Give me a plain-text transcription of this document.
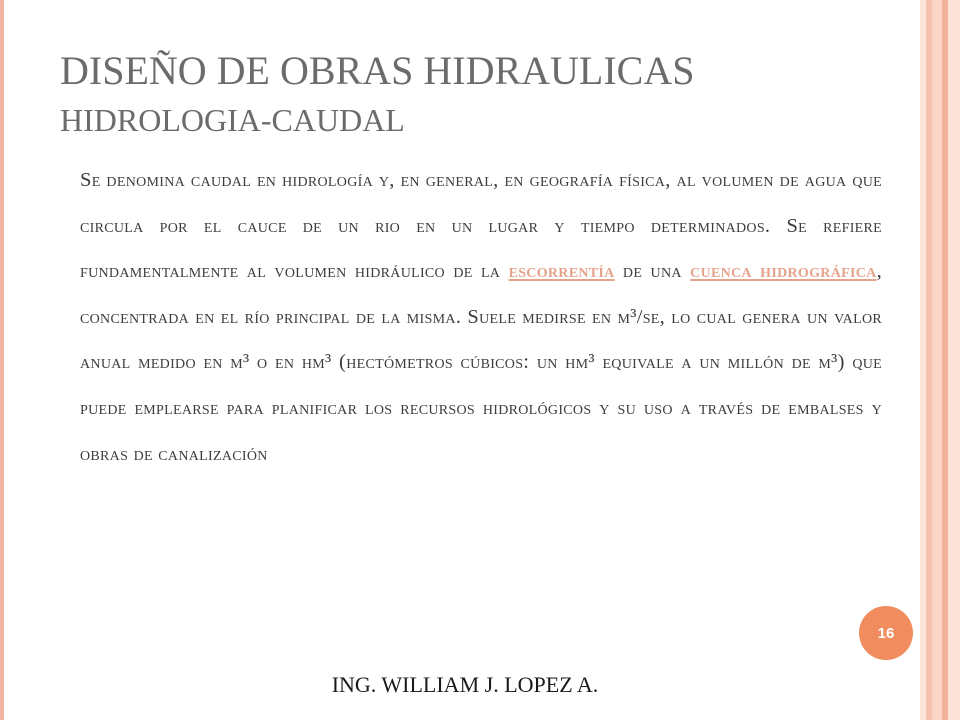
DISEÑO DE OBRAS HIDRAULICAS
HIDROLOGIA-CAUDAL

Se denomina caudal en hidrología y, en general, en geografía física, al volumen de agua que circula por el cauce de un rio en un lugar y tiempo determinados. Se refiere fundamentalmente al volumen hidráulico de la escorrentía de una cuenca hidrográfica, concentrada en el río principal de la misma. Suele medirse en m³/se, lo cual genera un valor anual medido en m³ o en hm³ (hectómetros cúbicos: un hm³ equivale a un millón de m³) que puede emplearse para planificar los recursos hidrológicos y su uso a través de embalses y obras de canalización

16
ING. WILLIAM J. LOPEZ A.
